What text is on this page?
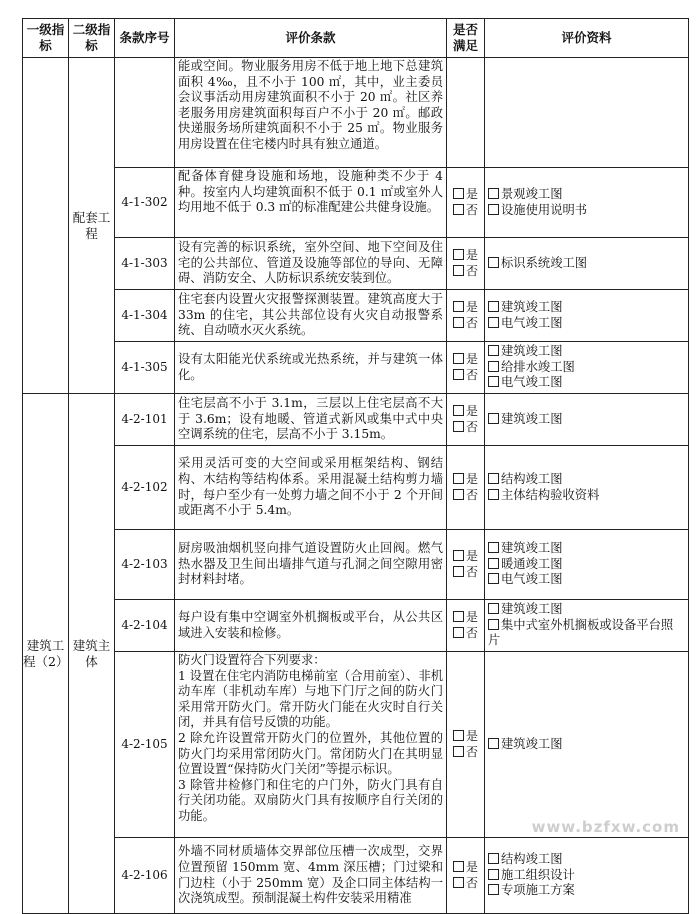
一级指标	二级指标	条款序号	评价条款	是否满足	评价资料
	配套工程		能或空间。物业服务用房不低于地上地下总建筑面积 4‰，且不小于 100 ㎡，其中，业主委员会议事活动用房建筑面积不小于 20 ㎡。社区养老服务用房建筑面积每百户不小于 20 ㎡。邮政快递服务场所建筑面积不小于 25 ㎡。物业服务用房设置在住宅楼内时具有独立通道。		
		4-1-302	配备体育健身设施和场地，设施种类不少于 4 种。按室内人均建筑面积不低于 0.1 ㎡或室外人均用地不低于 0.3 ㎡的标准配建公共健身设施。	是
否	景观竣工图
设施使用说明书

		4-1-303	设有完善的标识系统，室外空间、地下空间及住宅的公共部位、管道及设施等部位的导向、无障碍、消防安全、人防标识系统安装到位。	是
否	标识系统竣工图

		4-1-304	住宅套内设置火灾报警探测装置。建筑高度大于 33m 的住宅，其公共部位设有火灾自动报警系统、自动喷水灭火系统。	是
否	建筑竣工图
电气竣工图

		4-1-305	设有太阳能光伏系统或光热系统，并与建筑一体化。	是
否	建筑竣工图
给排水竣工图
电气竣工图

建筑工程（2）	建筑主体	4-2-101	住宅层高不小于 3.1m，三层以上住宅层高不大于 3.6m；设有地暖、管道式新风或集中式中央空调系统的住宅，层高不小于 3.15m。	是
否	建筑竣工图

		4-2-102	采用灵活可变的大空间或采用框架结构、钢结构、木结构等结构体系。采用混凝土结构剪力墙时，每户至少有一处剪力墙之间不小于 2 个开间或距离不小于 5.4m。	是
否	结构竣工图
主体结构验收资料

		4-2-103	厨房吸油烟机竖向排气道设置防火止回阀。燃气热水器及卫生间出墙排气道与孔洞之间空隙用密封材料封堵。	是
否	建筑竣工图
暖通竣工图
电气竣工图

		4-2-104	每户设有集中空调室外机搁板或平台，从公共区域进入安装和检修。	是
否	建筑竣工图
集中式室外机搁板或设备平台照片

		4-2-105	防火门设置符合下列要求：
1 设置在住宅内消防电梯前室（合用前室）、非机动车库（非机动车库）与地下门厅之间的防火门采用常开防火门。常开防火门能在火灾时自行关闭，并具有信号反馈的功能。
2 除允许设置常开防火门的位置外，其他位置的防火门均采用常闭防火门。常闭防火门在其明显位置设置“保持防火门关闭”等提示标识。
3 除管井检修门和住宅的户门外，防火门具有自行关闭功能。双扇防火门具有按顺序自行关闭的功能。	是
否	建筑竣工图

		4-2-106	外墙不同材质墙体交界部位压槽一次成型，交界位置预留 150mm 宽、4mm 深压槽；门过梁和门边柱（小于 250mm 宽）及企口同主体结构一次浇筑成型。预制混凝土构件安装采用精准	是
否	结构竣工图
施工组织设计
专项施工方案
www.bzfxw.com
